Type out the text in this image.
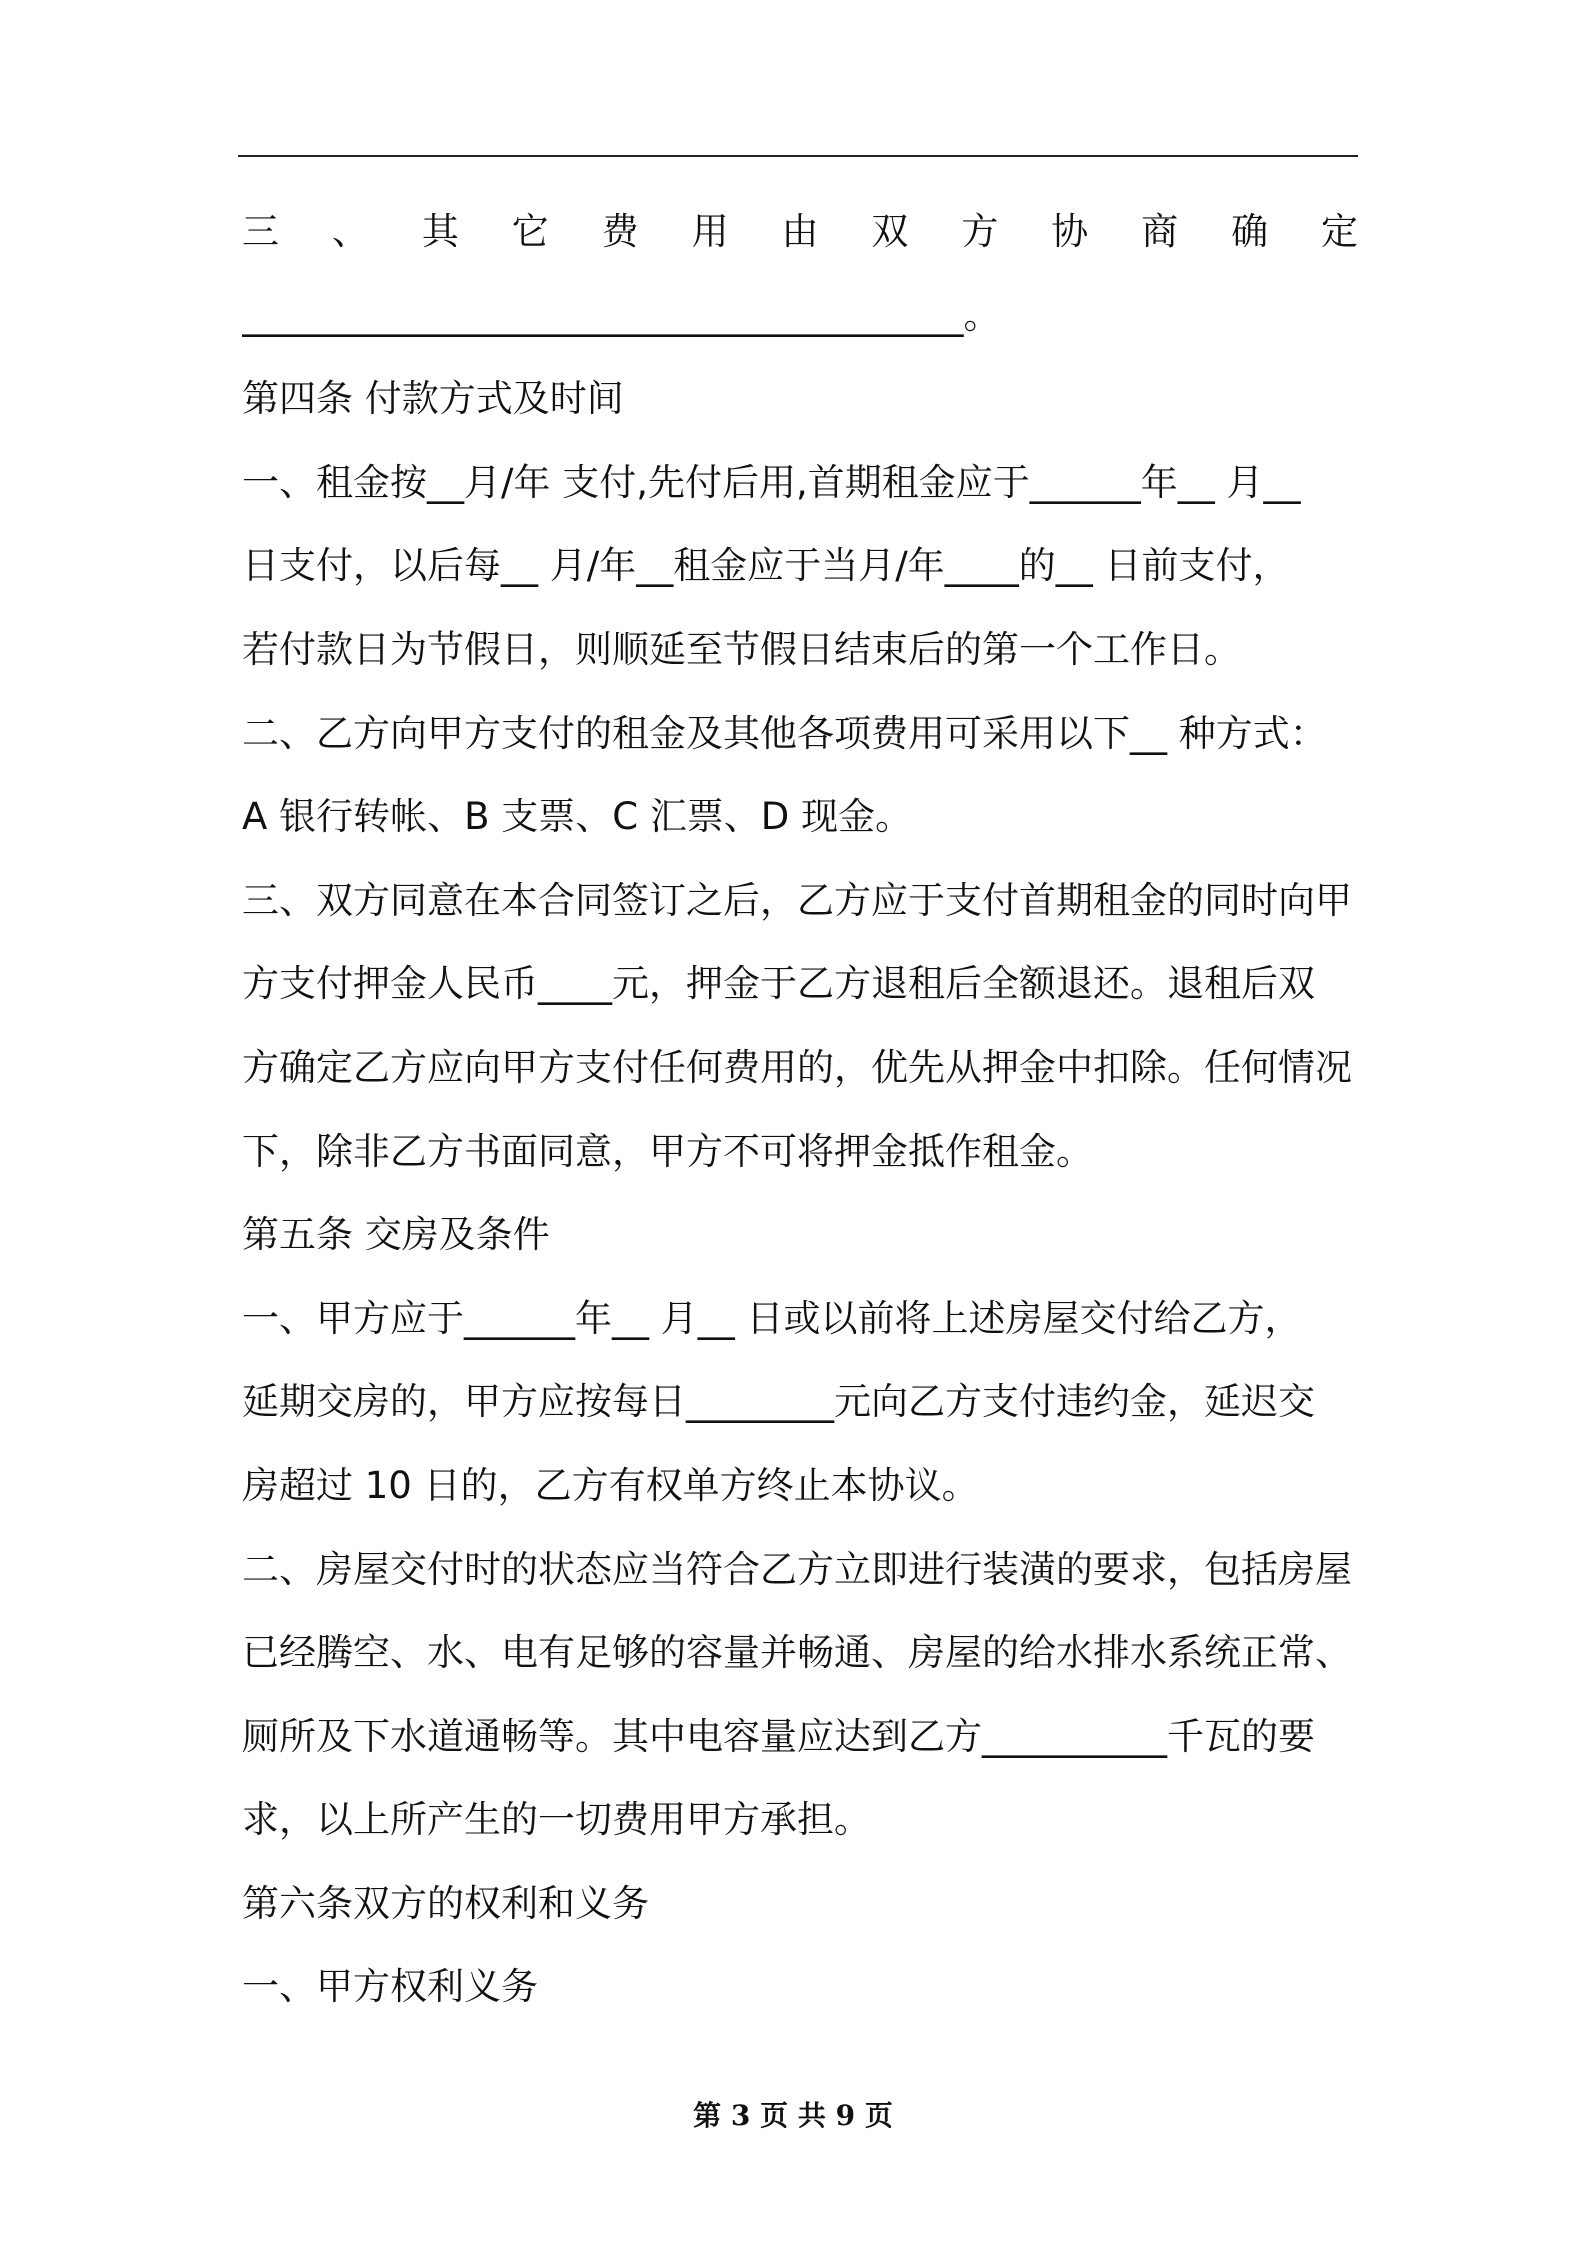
三 、 其 它 费 用 由 双 方 协 商 确 定
_______________________________________。
第四条 付款方式及时间
一、租金按__月/年 支付,先付后用,首期租金应于______年__ 月__
日支付，以后每__ 月/年__租金应于当月/年____的__ 日前支付，
若付款日为节假日，则顺延至节假日结束后的第一个工作日。
二、乙方向甲方支付的租金及其他各项费用可采用以下__ 种方式：
A 银行转帐、B 支票、C 汇票、D 现金。
三、双方同意在本合同签订之后，乙方应于支付首期租金的同时向甲
方支付押金人民币____元，押金于乙方退租后全额退还。退租后双
方确定乙方应向甲方支付任何费用的，优先从押金中扣除。任何情况
下，除非乙方书面同意，甲方不可将押金抵作租金。
第五条 交房及条件
一、甲方应于______年__ 月__ 日或以前将上述房屋交付给乙方，
延期交房的，甲方应按每日________元向乙方支付违约金，延迟交
房超过 10 日的，乙方有权单方终止本协议。
二、房屋交付时的状态应当符合乙方立即进行装潢的要求，包括房屋
已经腾空、水、电有足够的容量并畅通、房屋的给水排水系统正常、
厕所及下水道通畅等。其中电容量应达到乙方__________千瓦的要
求，以上所产生的一切费用甲方承担。
第六条双方的权利和义务
一、甲方权利义务
第 3 页 共 9 页
